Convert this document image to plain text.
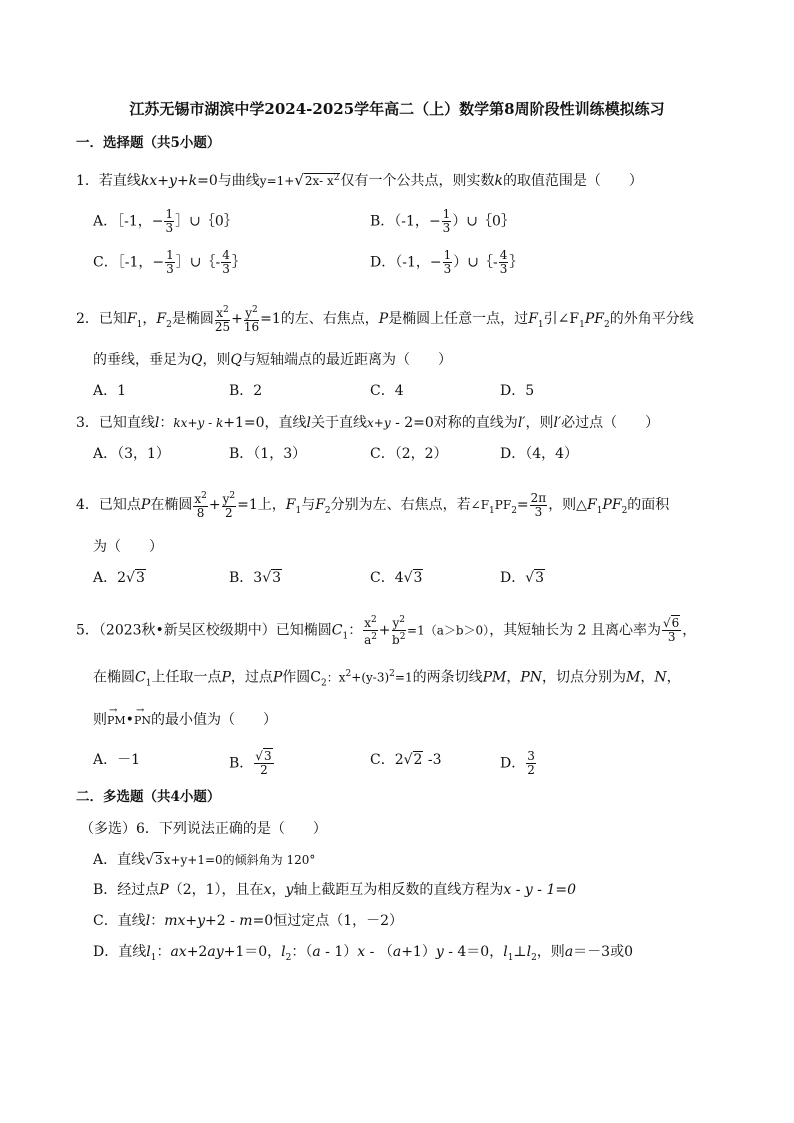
江苏无锡市湖滨中学2024-2025学年高二（上）数学第8周阶段性训练模拟练习
一．选择题（共5小题）
1．若直线kx+y+k=0与曲线y=1+√2x- $x^2$仅有一个公共点，则实数k的取值范围是（　　）
A．［-1，− $\frac{1}{3}$ ］∪｛0｝	B．（-1，− $\frac{1}{3}$ ）∪｛0｝
C．［-1，− $\frac{1}{3}$ ］∪｛- $\frac{4}{3}$ ｝	D．（-1，− $\frac{1}{3}$ ）∪｛- $\frac{4}{3}$ ｝
2．已知$F_1$，$F_2$是椭圆 $\frac{x^2}{25} + \frac{y^2}{16} =1$的左、右焦点，P是椭圆上任意一点，过$F_1$引$\angle F_1PF_2$的外角平分线
的垂线，垂足为Q，则Q与短轴端点的最近距离为（　　）
A．1	B．2	C．4	D．5
3．已知直线l：kx+y - k+1=0，直线l关于直线x+y - 2=0对称的直线为l′，则l′必过点（　　）
A．（3，1）	B．（1，3）	C．（2，2）	D．（4，4）
4．已知点P在椭圆 $\frac{x^2}{8} + \frac{y^2}{2} =1$上，$F_1$与$F_2$分别为左、右焦点，若$\angle F_1PF_2= \frac{2\pi}{3}$ ，则$\triangle F_1PF_2$的面积
为（　　）
A．2√3	B．3√3	C．4√3	D．√3
5．（2023秋•新吴区校级期中）已知椭圆$C_1$： $\frac{x^2}{a^2} + \frac{y^2}{b^2} =1(a>b>0)$，其短轴长为 2 且离心率为 $\frac{√6}{3}$ ，
在椭圆$C_1$上任取一点P，过点P作圆$C_2$：$x^2+(y-3)^2=1$的两条切线PM，PN，切点分别为M，N，
则→ PM•→ PN的最小值为（　　）
A．－1	B． $\frac{√3}{2}$	C．2√2 -3	D． $\frac{3}{2}$
二．多选题（共4小题）
（多选）6．下列说法正确的是（　　）
A．直线√3x+y+1=0的倾斜角为 120°
B．经过点P（2，1），且在x，y轴上截距互为相反数的直线方程为x - y - 1=0
C．直线l：mx+y+2 - m=0恒过定点（1，－2）
D．直线$l_1$：ax+2ay+1＝0，$l_2$：（a - 1）x - （a+1）y - 4＝0，$l_1\perp l_2$，则a＝－3或0
